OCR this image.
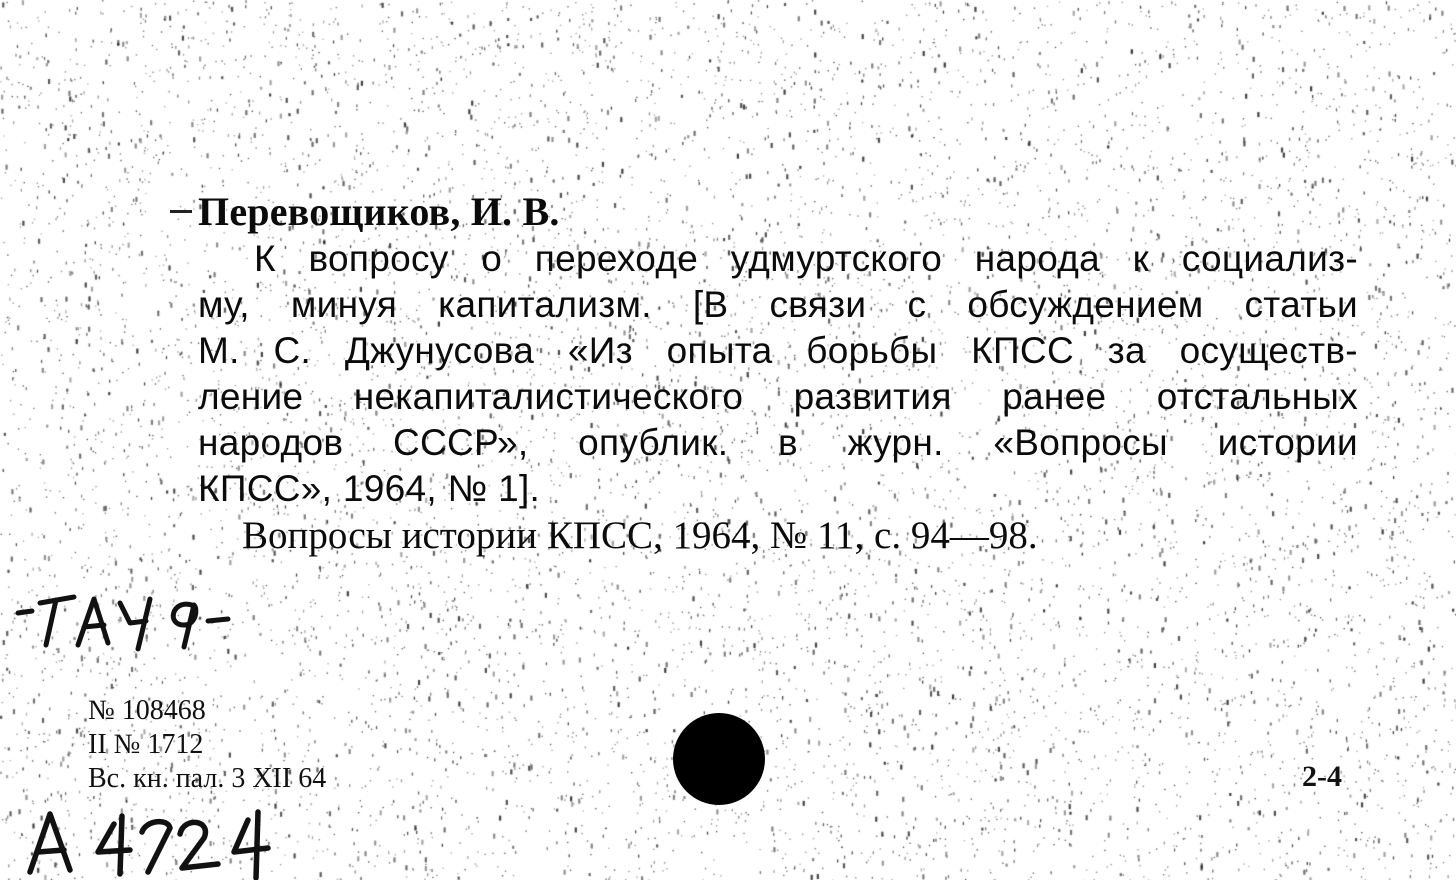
Перевощиков, И. В.

К вопросу о переходе удмуртского народа к социализ-

му, минуя капитализм. [В связи с обсуждением статьи

М. С. Джунусова «Из опыта борьбы КПСС за осуществ-

ление некапиталистического развития ранее отстальных

народов СССР», опублик. в журн. «Вопросы истории

КПСС», 1964, № 1].

Вопросы истории КПСС, 1964, № 11, с. 94—98.

ГАУ9
№ 108468
II № 1712
Вс. кн. пал. 3 XII 64	2-4
А 4724
